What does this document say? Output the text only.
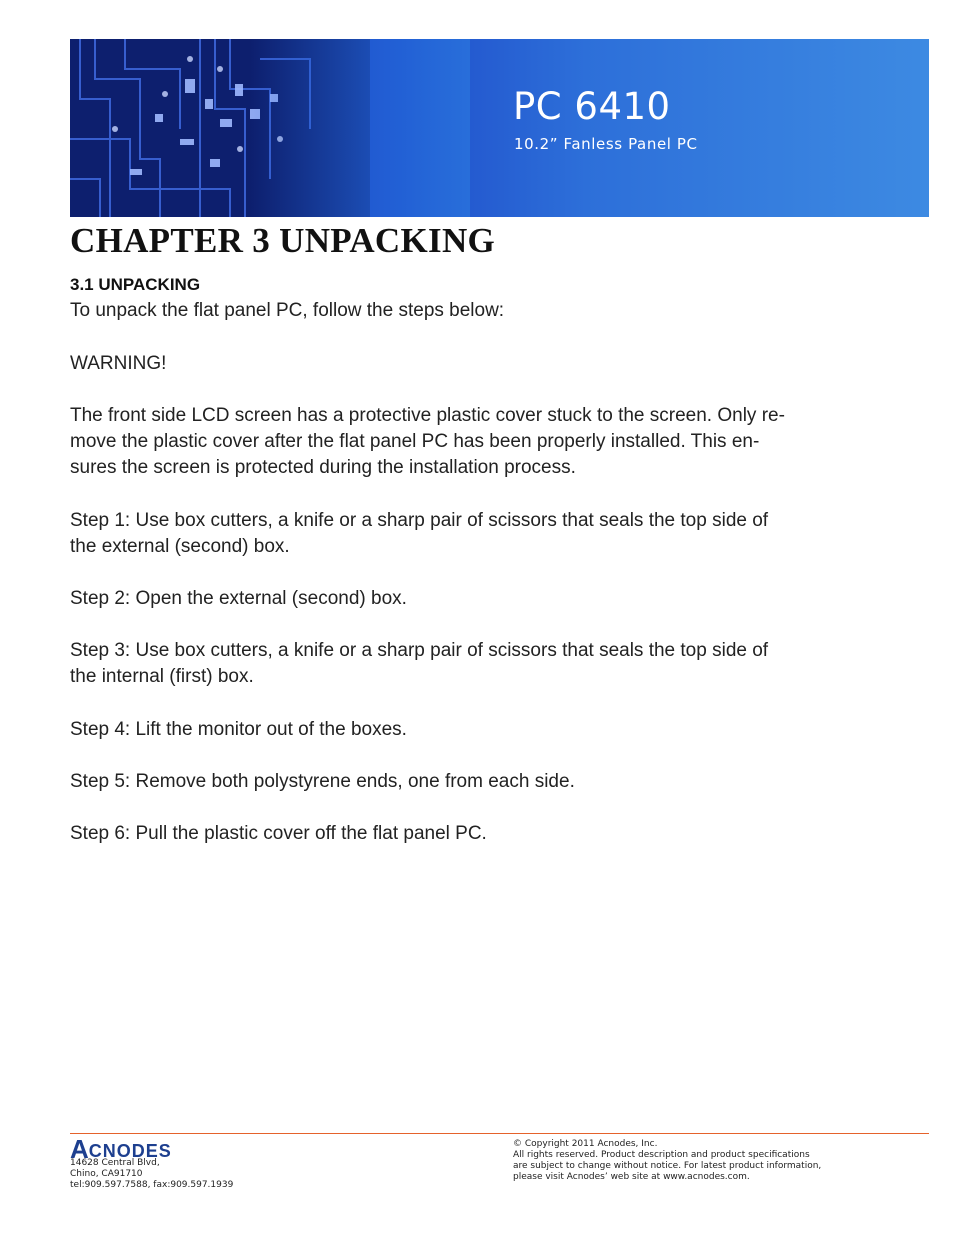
PC 6410
10.2” Fanless Panel PC
CHAPTER 3 UNPACKING
3.1 UNPACKING
To unpack the flat panel PC, follow the steps below:
WARNING!
The front side LCD screen has a protective plastic cover stuck to the screen. Only re-
move the plastic cover after the flat panel PC has been properly installed. This en-
sures the screen is protected during the installation process.
Step 1: Use box cutters, a knife or a sharp pair of scissors that seals the top side of
the external (second) box.
Step 2: Open the external (second) box.
Step 3: Use box cutters, a knife or a sharp pair of scissors that seals the top side of
the internal (first) box.
Step 4: Lift the monitor out of the boxes.
Step 5: Remove both polystyrene ends, one from each side.
Step 6: Pull the plastic cover off the flat panel PC.
A CNODES
14628 Central Blvd,
Chino, CA91710
tel:909.597.7588, fax:909.597.1939
© Copyright 2011 Acnodes, Inc.
All rights reserved. Product description and product specifications
are subject to change without notice. For latest product information,
please visit Acnodes’ web site at www.acnodes.com.
